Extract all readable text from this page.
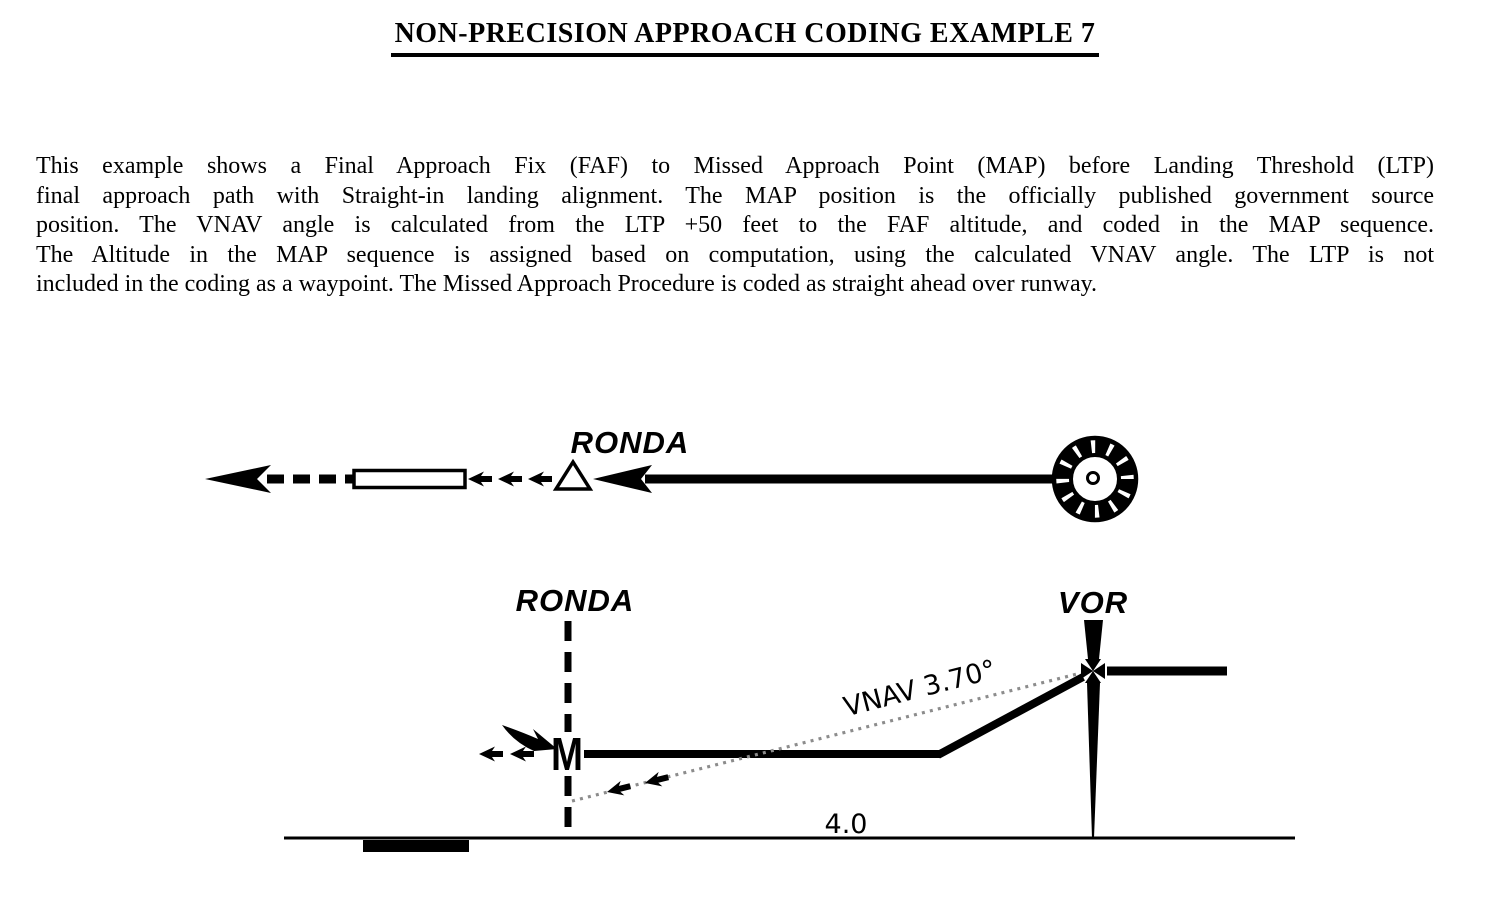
NON-PRECISION APPROACH CODING EXAMPLE 7
This example shows a Final Approach Fix (FAF) to Missed Approach Point (MAP) before Landing Threshold (LTP)
final approach path with Straight-in landing alignment. The MAP position is the officially published government source
position. The VNAV angle is calculated from the LTP +50 feet to the FAF altitude, and coded in the MAP sequence.
The Altitude in the MAP sequence is assigned based on computation, using the calculated VNAV angle. The LTP is not
included in the coding as a waypoint. The Missed Approach Procedure is coded as straight ahead over runway.
RONDA
RONDA	VOR
M
VNAV 3.70°
4.0
